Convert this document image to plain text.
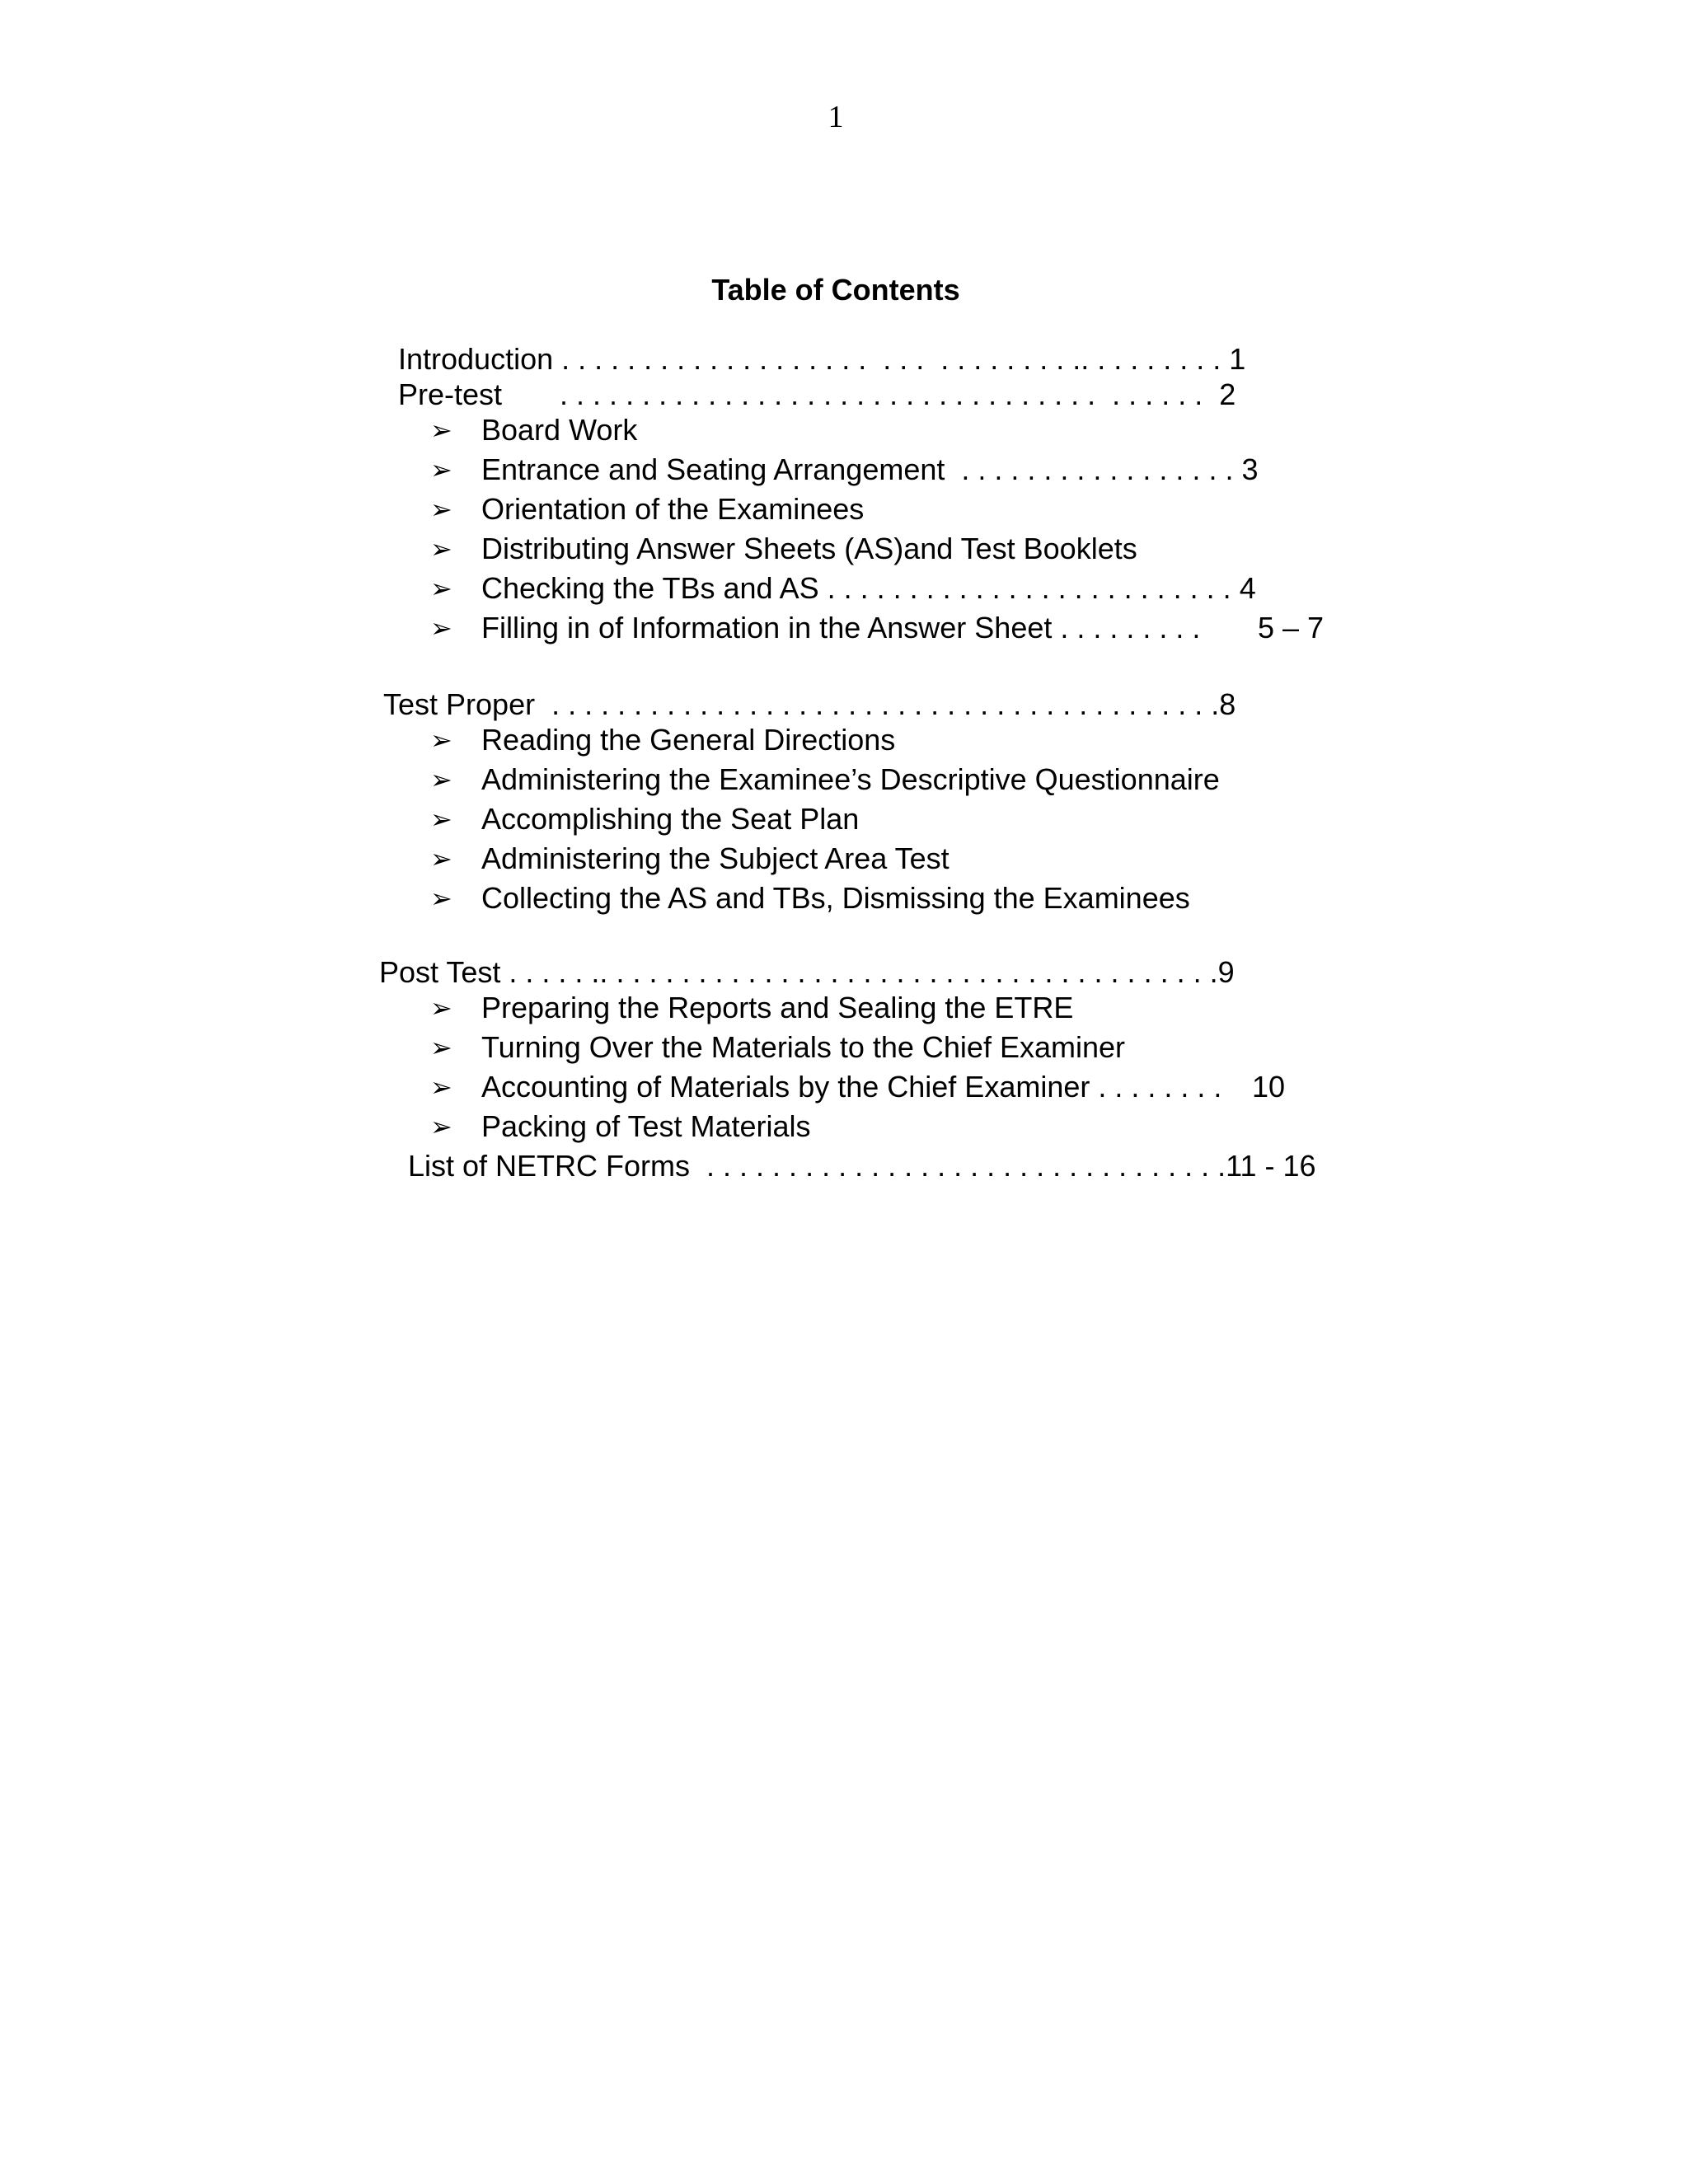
1
Table of Contents
Introduction . . . . . . . . . . . . . . . . . . .  . . .  . . . . . . . . .. . . . . . . . . 1
Pre-test       . . . . . . . . . . . . . . . . . . . . . . . . . . . . . . . . .  . . . . . .  2
➢ Board Work
➢ Entrance and Seating Arrangement  . . . . . . . . . . . . . . . . . 3
➢ Orientation of the Examinees
➢ Distributing Answer Sheets (AS)and Test Booklets
➢ Checking the TBs and AS . . . . . . . . . . . . . . . . . . . . . . . . . 4
➢ Filling in of Information in the Answer Sheet . . . . . . . . . 5 – 7
Test Proper  . . . . . . . . . . . . . . . . . . . . . . . . . . . . . . . . . . . . . . . . .8
➢ Reading the General Directions
➢ Administering the Examinee’s Descriptive Questionnaire
➢ Accomplishing the Seat Plan
➢ Administering the Subject Area Test
➢ Collecting the AS and TBs, Dismissing the Examinees
Post Test . . . . . .. . . . . . . . . . . . . . . . . . . . . . . . . . . . . . . . . . . . . .9
➢ Preparing the Reports and Sealing the ETRE
➢ Turning Over the Materials to the Chief Examiner
➢ Accounting of Materials by the Chief Examiner . . . . . . . . 10
➢ Packing of Test Materials
List of NETRC Forms  . . . . . . . . . . . . . . . . . . . . . . . . . . . . . . . .11 - 16
